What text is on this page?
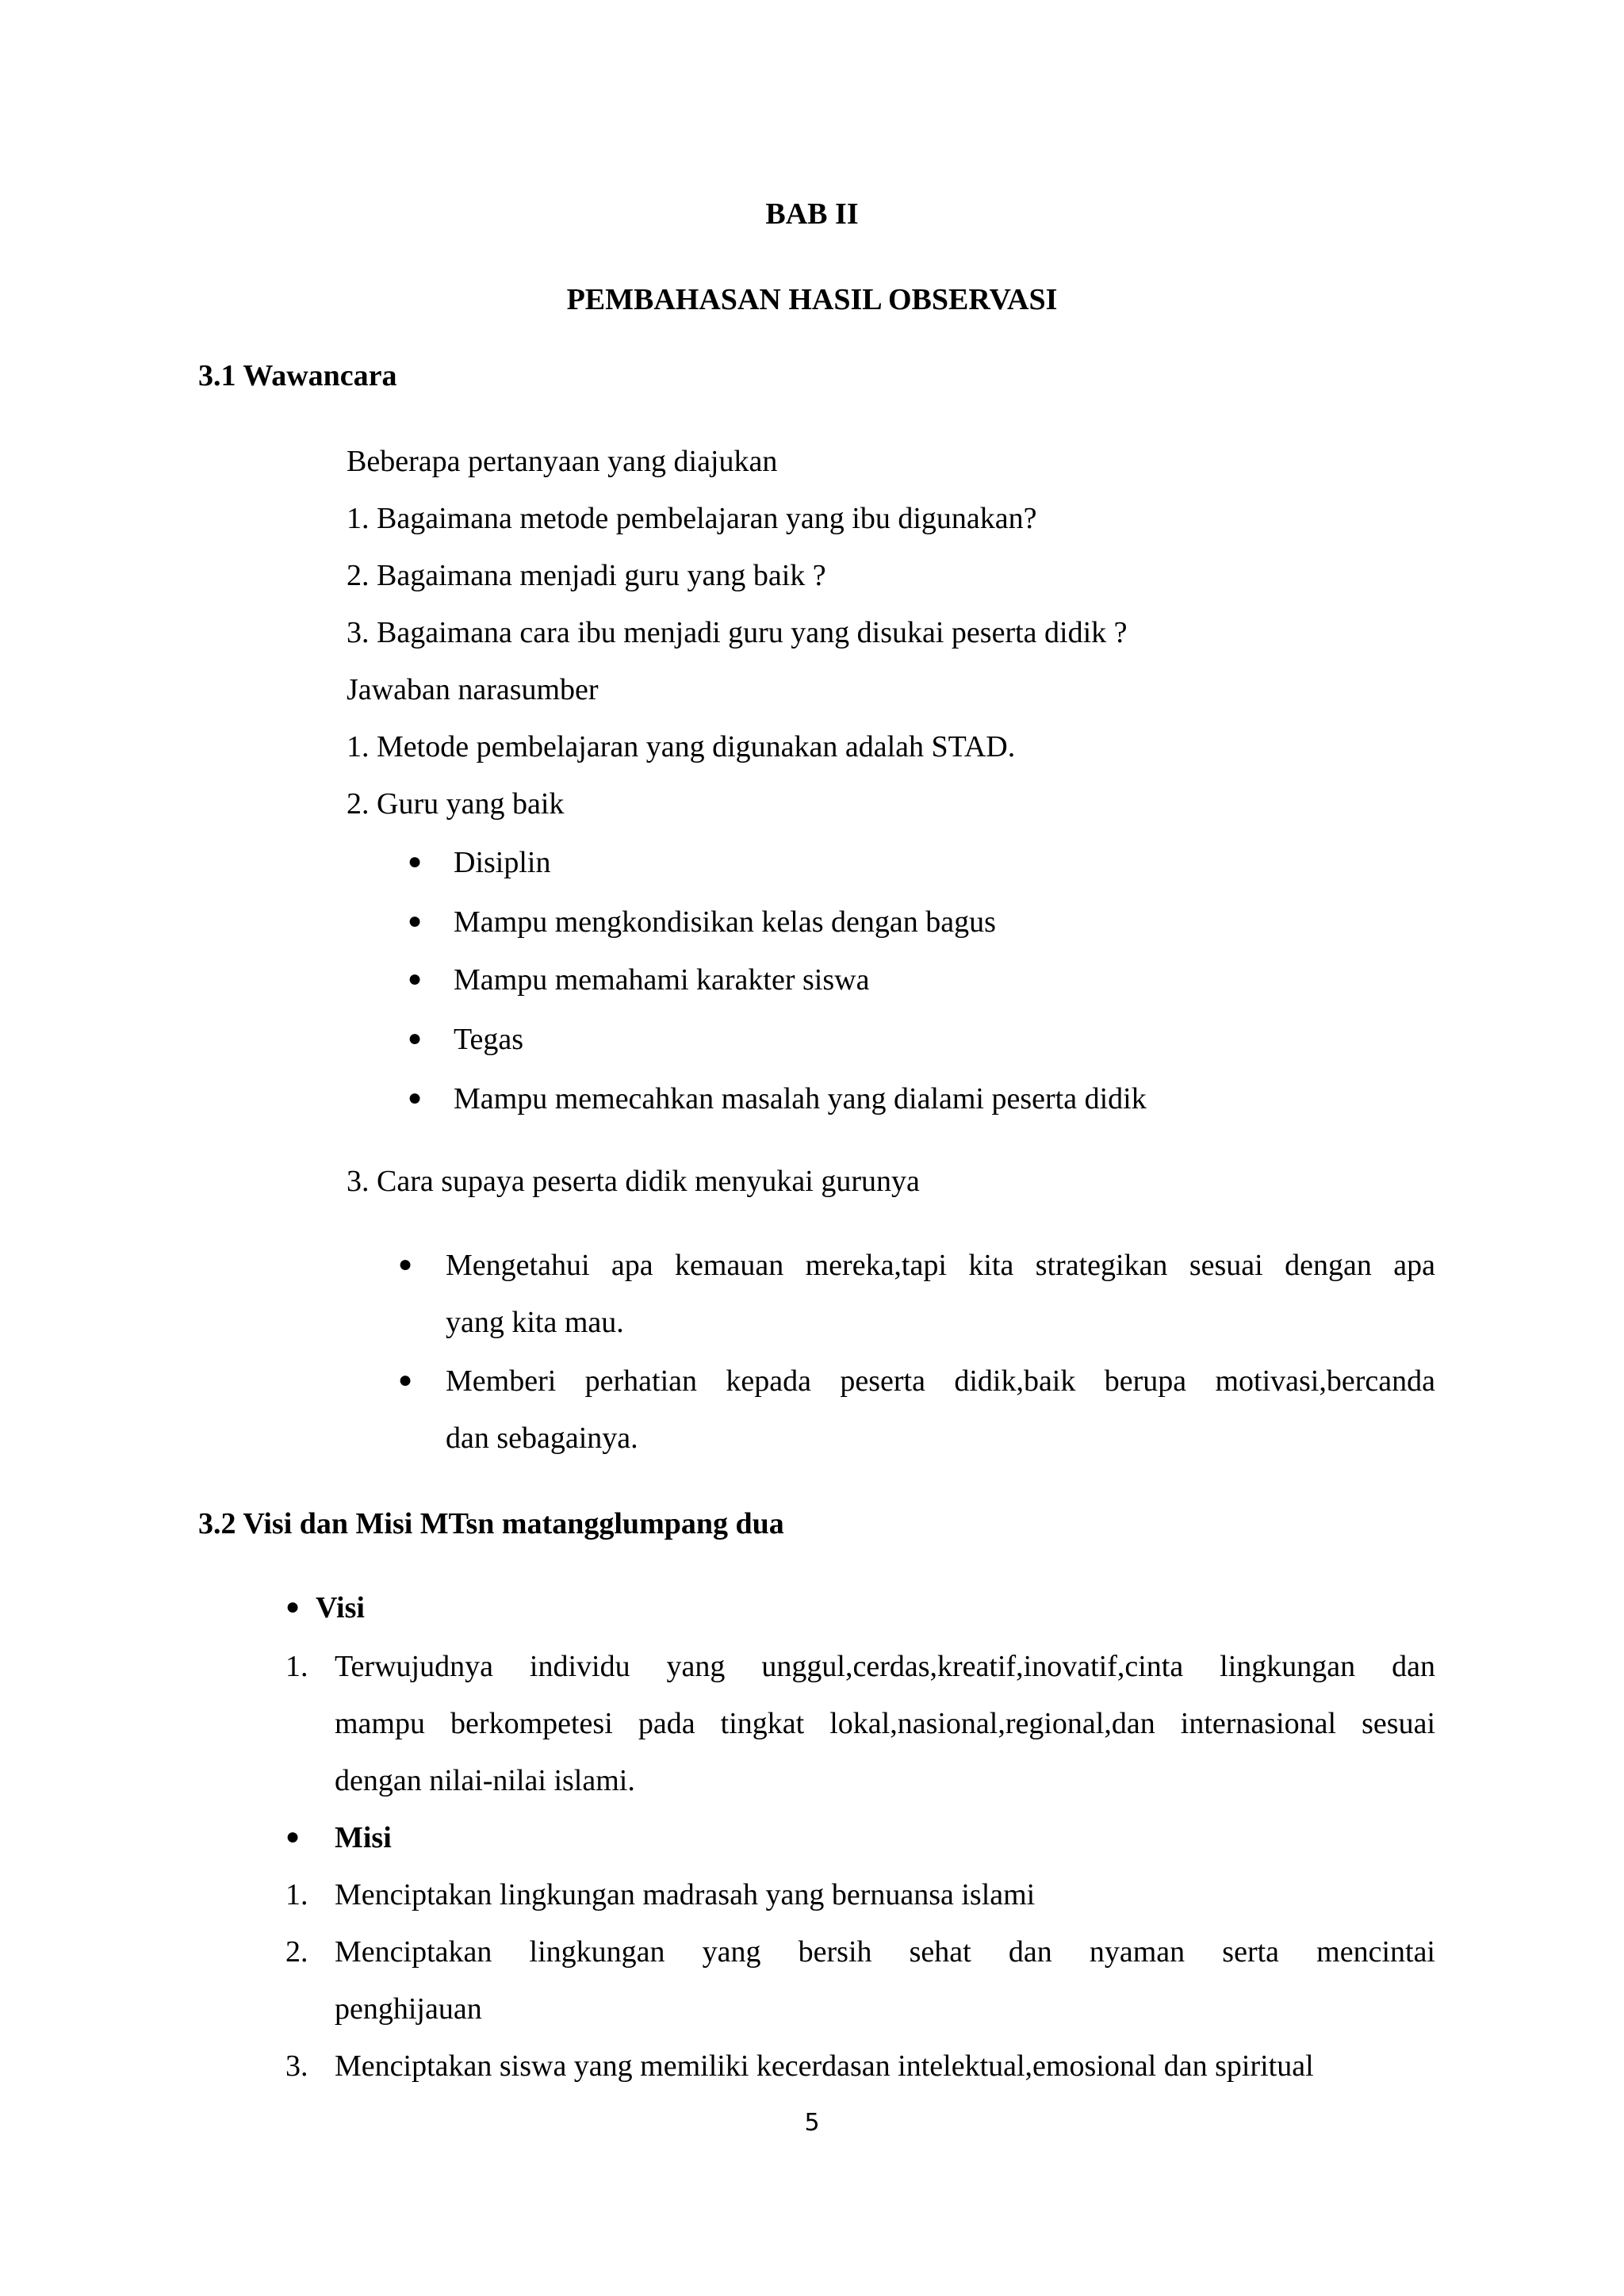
BAB II
PEMBAHASAN HASIL OBSERVASI
3.1 Wawancara
Beberapa pertanyaan yang diajukan
1. Bagaimana metode pembelajaran yang ibu digunakan?
2. Bagaimana menjadi guru yang baik ?
3. Bagaimana cara ibu menjadi guru yang disukai peserta didik ?
Jawaban narasumber
1. Metode pembelajaran yang digunakan adalah STAD.
2. Guru yang baik
● Disiplin
● Mampu mengkondisikan kelas dengan bagus
● Mampu memahami karakter siswa
● Tegas
● Mampu memecahkan masalah yang dialami peserta didik
3. Cara supaya peserta didik menyukai gurunya
● Mengetahui apa kemauan mereka,tapi kita strategikan sesuai dengan apa
yang kita mau.
● Memberi perhatian kepada peserta didik,baik berupa motivasi,bercanda
dan sebagainya.
3.2 Visi dan Misi MTsn matangglumpang dua
● Visi
1. Terwujudnya individu yang unggul,cerdas,kreatif,inovatif,cinta lingkungan dan
mampu berkompetesi pada tingkat lokal,nasional,regional,dan internasional sesuai
dengan nilai-nilai islami.
● Misi
1. Menciptakan lingkungan madrasah yang bernuansa islami
2. Menciptakan lingkungan yang bersih sehat dan nyaman serta mencintai
penghijauan
3. Menciptakan siswa yang memiliki kecerdasan intelektual,emosional dan spiritual
5
